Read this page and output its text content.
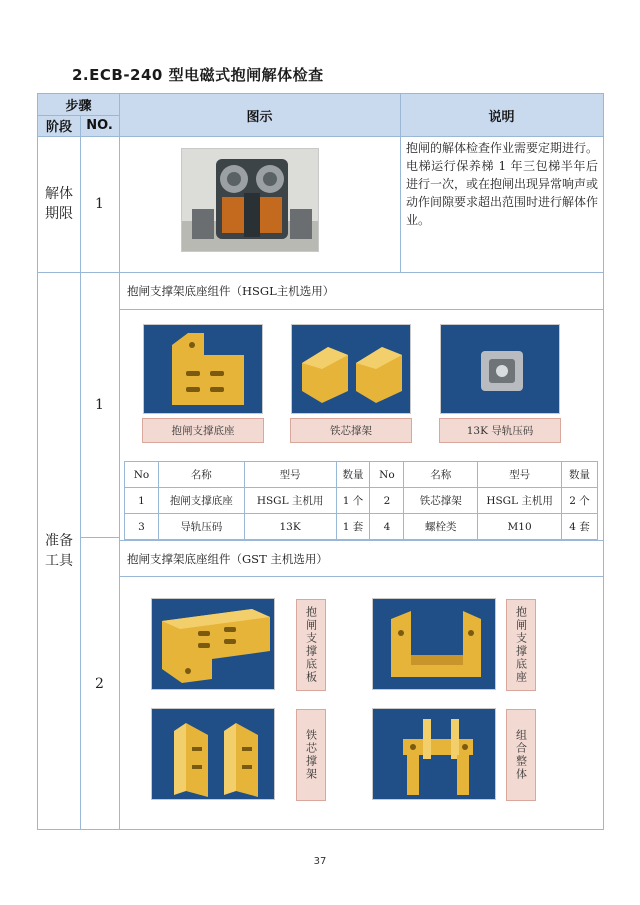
2.ECB-240 型电磁式抱闸解体检查
步骤
阶段	NO.
图示	说明
解体期限
1
抱闸的解体检查作业需要定期进行。电梯运行保养梯 1 年三包梯半年后进行一次，或在抱闸出现异常响声或动作间隙要求超出范围时进行解体作业。
准备工具
1
抱闸支撑架底座组件（HSGL主机选用）
抱闸支撑底座	铁芯撑架	13K 导轨压码
No	名称	型号	数量	No	名称	型号	数量
1	抱闸支撑底座	HSGL 主机用	1 个	2	铁芯撑架	HSGL 主机用	2 个
3	导轨压码	13K	1 套	4	螺栓类	M10	4 套
2
抱闸支撑架底座组件（GST 主机选用）
抱闸支撑底板	抱闸支撑底座
铁芯撑架	组合整体
37
